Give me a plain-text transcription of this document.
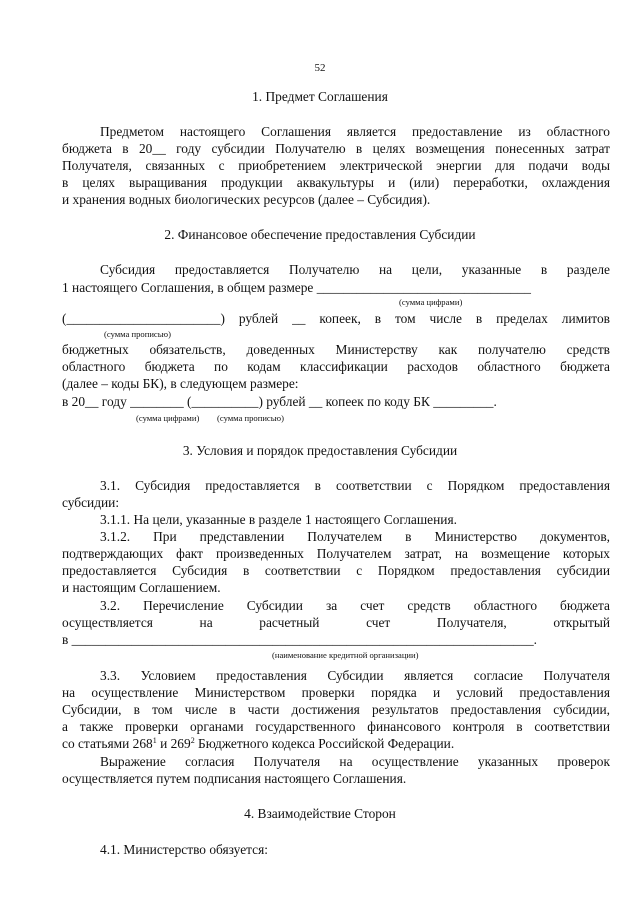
52
1. Предмет Соглашения
Предметом настоящего Соглашения является предоставление из областного
бюджета в 20__ году субсидии Получателю в целях возмещения понесенных затрат
Получателя, связанных с приобретением электрической энергии для подачи воды
в целях выращивания продукции аквакультуры и (или) переработки, охлаждения
и хранения водных биологических ресурсов (далее – Субсидия).
2. Финансовое обеспечение предоставления Субсидии
Субсидия предоставляется Получателю на цели, указанные в разделе
1 настоящего Соглашения, в общем размере ________________________________
(сумма цифрами)
(_______________________) рублей __ копеек, в том числе в пределах лимитов
(сумма прописью)
бюджетных обязательств, доведенных Министерству как получателю средств
областного бюджета по кодам классификации расходов областного бюджета
(далее – коды БК), в следующем размере:
в 20__ году ________ (__________) рублей __ копеек по коду БК _________.
(сумма цифрами) (сумма прописью)
3. Условия и порядок предоставления Субсидии
3.1. Субсидия предоставляется в соответствии с Порядком предоставления
субсидии:
3.1.1. На цели, указанные в разделе 1 настоящего Соглашения.
3.1.2. При представлении Получателем в Министерство документов,
подтверждающих факт произведенных Получателем затрат, на возмещение которых
предоставляется Субсидия в соответствии с Порядком предоставления субсидии
и настоящим Соглашением.
3.2. Перечисление Субсидии за счет средств областного бюджета
осуществляется на расчетный счет Получателя, открытый
в _____________________________________________________________________.
(наименование кредитной организации)
3.3. Условием предоставления Субсидии является согласие Получателя
на осуществление Министерством проверки порядка и условий предоставления
Субсидии, в том числе в части достижения результатов предоставления субсидии,
а также проверки органами государственного финансового контроля в соответствии
со статьями $268^1$ и $269^2$ Бюджетного кодекса Российской Федерации.
Выражение согласия Получателя на осуществление указанных проверок
осуществляется путем подписания настоящего Соглашения.
4. Взаимодействие Сторон
4.1. Министерство обязуется:
